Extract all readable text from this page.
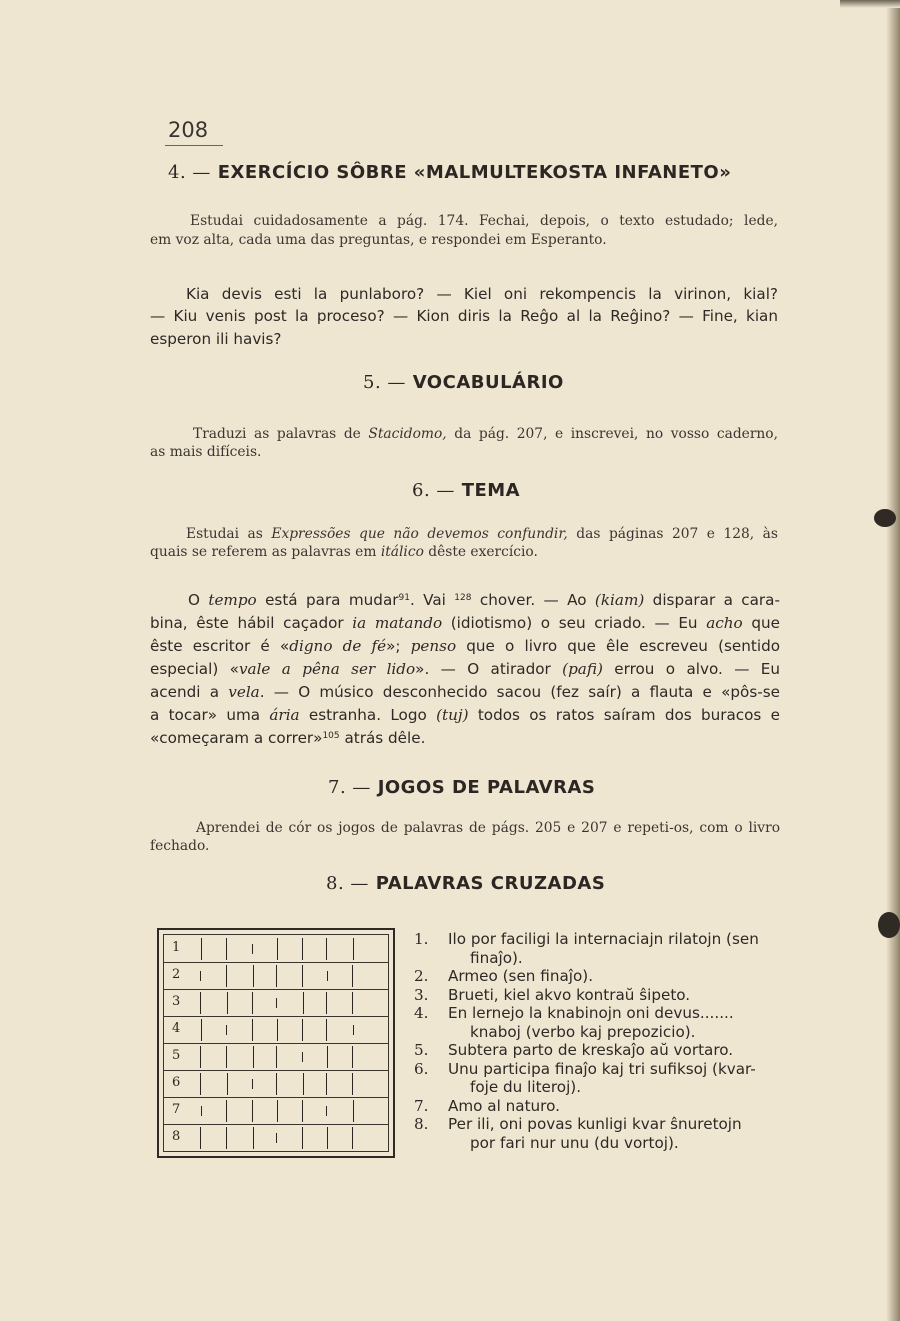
208
4. — EXERCÍCIO SÔBRE «MALMULTEKOSTA INFANETO»
Estudai cuidadosamente a pág. 174. Fechai, depois, o texto estudado; lede,
em voz alta, cada uma das preguntas, e respondei em Esperanto.
Kia devis esti la punlaboro? — Kiel oni rekompencis la virinon, kial?
— Kiu venis post la proceso? — Kion diris la Reĝo al la Reĝino? — Fine, kian
esperon ili havis?
5. — VOCABULÁRIO
Traduzi as palavras de Stacidomo, da pág. 207, e inscrevei, no vosso caderno,
as mais difíceis.
6. — TEMA
Estudai as Expressões que não devemos confundir, das páginas 207 e 128, às
quais se referem as palavras em itálico dêste exercício.
O tempo está para mudar$^{91}$. Vai $^{128}$ chover. — Ao (kiam) disparar a cara-
bina, êste hábil caçador ia matando (idiotismo) o seu criado. — Eu acho que
êste escritor é «digno de fé»; penso que o livro que êle escreveu (sentido
especial) «vale a pêna ser lido». — O atirador (pafi) errou o alvo. — Eu
acendi a vela. — O músico desconhecido sacou (fez saír) a flauta e «pôs-se
a tocar» uma ária estranha. Logo (tuj) todos os ratos saíram dos buracos e
«começaram a correr»$^{105}$ atrás dêle.
7. — JOGOS DE PALAVRAS
Aprendei de cór os jogos de palavras de págs. 205 e 207 e repeti-os, com o livro
fechado.
8. — PALAVRAS CRUZADAS
1
2
3
4
5
6
7
8
1. Ilo por faciligi la internaciajn rilatojn (sen
finaĵo).
2. Armeo (sen finaĵo).
3. Brueti, kiel akvo kontraŭ ŝipeto.
4. En lernejo la knabinojn oni devus.......
knaboj (verbo kaj prepozicio).
5. Subtera parto de kreskaĵo aŭ vortaro.
6. Unu participa finaĵo kaj tri sufiksoj (kvar-
foje du literoj).
7. Amo al naturo.
8. Per ili, oni povas kunligi kvar ŝnuretojn
por fari nur unu (du vortoj).
